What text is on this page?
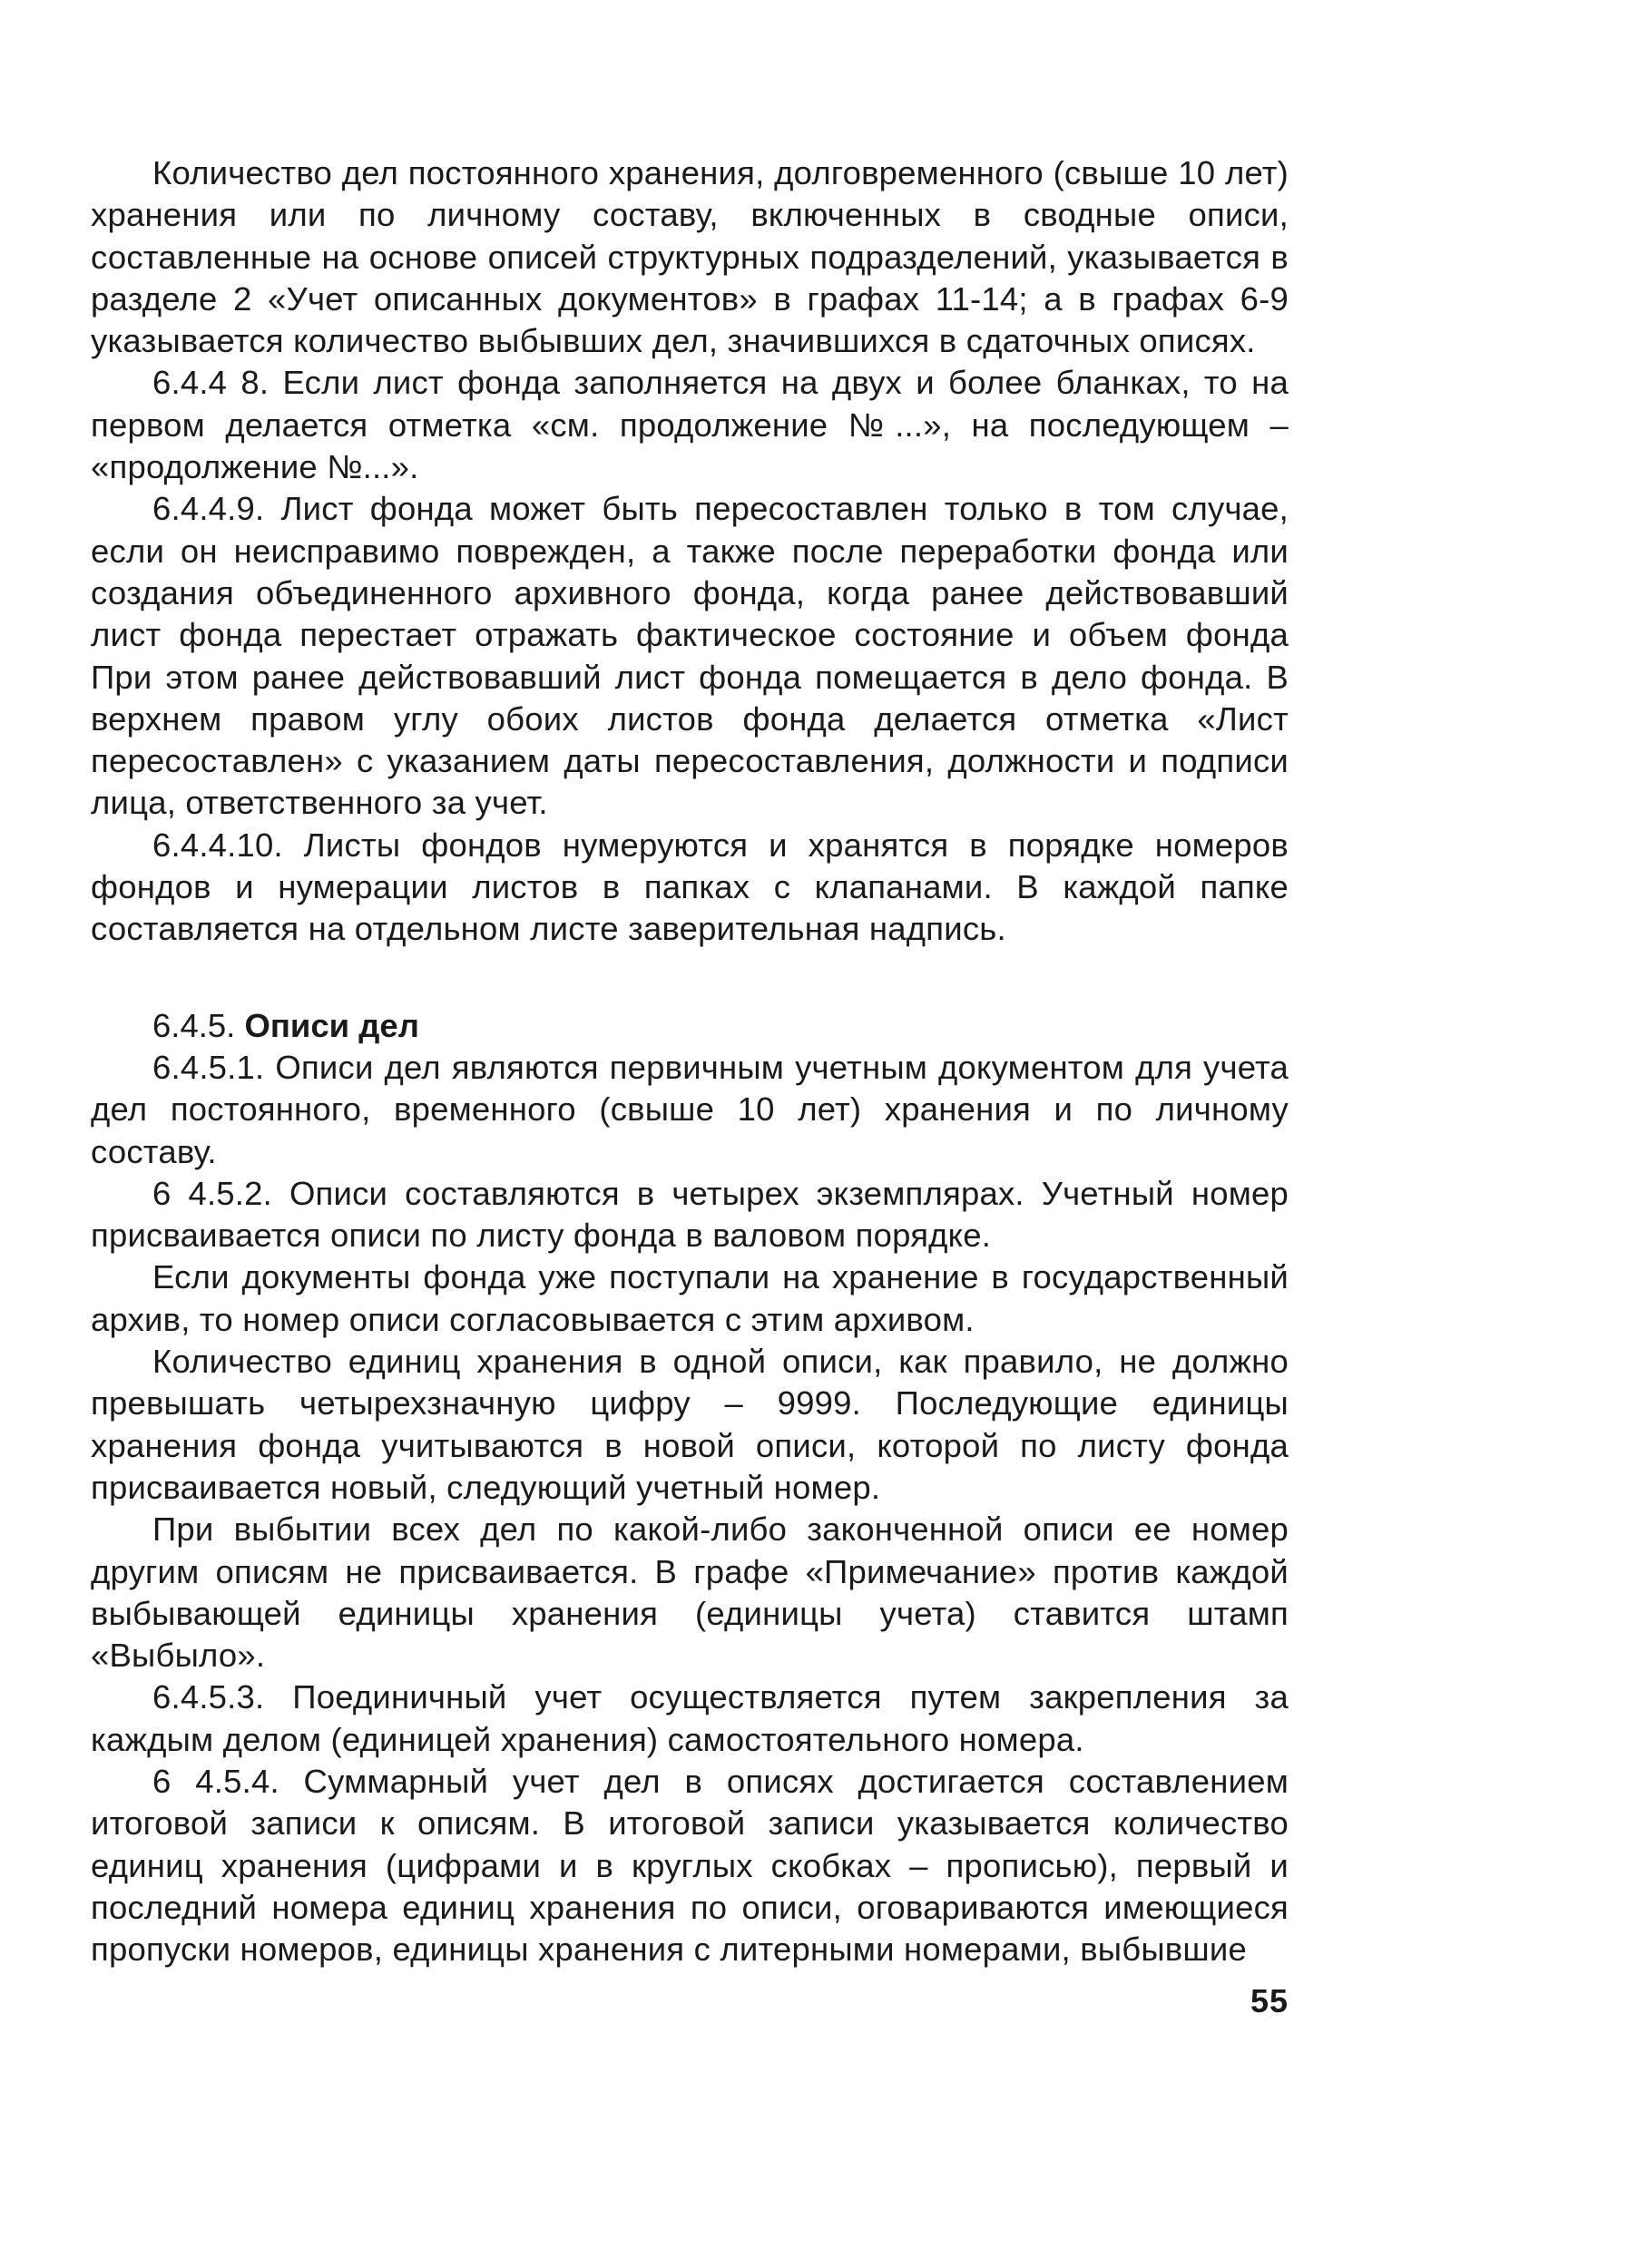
Количество дел постоянного хранения, долговременного (свыше 10 лет) хранения или по личному составу, включенных в сводные описи, составленные на основе описей структурных подразделений, указывается в разделе 2 «Учет описанных документов» в графах 11-14; а в графах 6-9 указывается количество выбывших дел, значившихся в сдаточных описях.

6.4.4 8. Если лист фонда заполняется на двух и более бланках, то на первом делается отметка «см. продолжение №...», на последующем – «продолжение №...».

6.4.4.9. Лист фонда может быть пересоставлен только в том случае, если он неисправимо поврежден, а также после переработки фонда или создания объединенного архивного фонда, когда ранее действовавший лист фонда перестает отражать фактическое состояние и объем фонда При этом ранее действовавший лист фонда помещается в дело фонда. В верхнем правом углу обоих листов фонда делается отметка «Лист пересоставлен» с указанием даты пересоставления, должности и подписи лица, ответственного за учет.

6.4.4.10. Листы фондов нумеруются и хранятся в порядке номеров фондов и нумерации листов в папках с клапанами. В каждой папке составляется на отдельном листе заверительная надпись.

6.4.5. Описи дел

6.4.5.1. Описи дел являются первичным учетным документом для учета дел постоянного, временного (свыше 10 лет) хранения и по личному составу.

6 4.5.2. Описи составляются в четырех экземплярах. Учетный номер присваивается описи по листу фонда в валовом порядке.

Если документы фонда уже поступали на хранение в государственный архив, то номер описи согласовывается с этим архивом.

Количество единиц хранения в одной описи, как правило, не должно превышать четырехзначную цифру – 9999. Последующие единицы хранения фонда учитываются в новой описи, которой по листу фонда присваивается новый, следующий учетный номер.

При выбытии всех дел по какой-либо законченной описи ее номер другим описям не присваивается. В графе «Примечание» против каждой выбывающей единицы хранения (единицы учета) ставится штамп «Выбыло».

6.4.5.3. Поединичный учет осуществляется путем закрепления за каждым делом (единицей хранения) самостоятельного номера.

6 4.5.4. Суммарный учет дел в описях достигается составлением итоговой записи к описям. В итоговой записи указывается количество единиц хранения (цифрами и в круглых скобках – прописью), первый и последний номера единиц хранения по описи, оговариваются имеющиеся пропуски номеров, единицы хранения с литерными номерами, выбывшие

55
